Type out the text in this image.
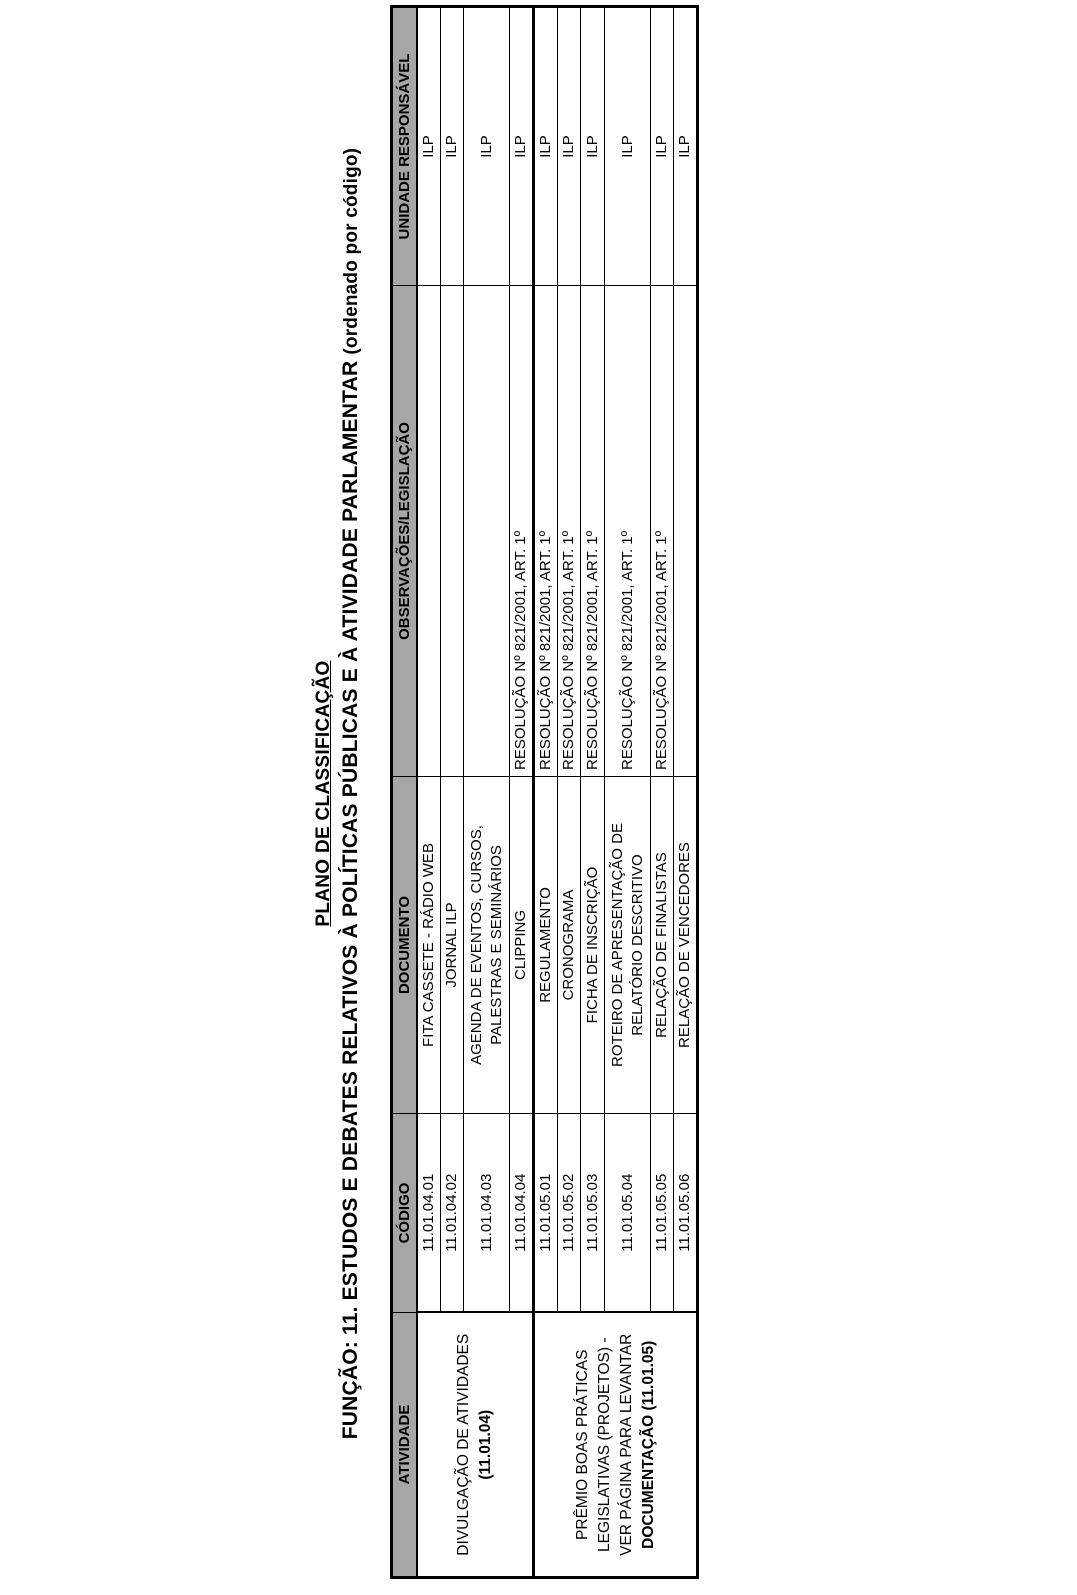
PLANO DE CLASSIFICAÇÃO FUNÇÃO: 11. ESTUDOS E DEBATES RELATIVOS À POLÍTICAS PÚBLICAS E À ATIVIDADE PARLAMENTAR (ordenado por código)
ATIVIDADE	CÓDIGO	DOCUMENTO	OBSERVAÇÕES/LEGISLAÇÃO	UNIDADE RESPONSÁVEL

DIVULGAÇÃO DE ATIVIDADES (11.01.04)	11.01.04.01	FITA CASSETE - RÁDIO WEB		ILP
	11.01.04.02	JORNAL ILP		ILP
	11.01.04.03	AGENDA DE EVENTOS, CURSOS, PALESTRAS E SEMINÁRIOS		ILP
	11.01.04.04	CLIPPING	RESOLUÇÃO Nº 821/2001, ART. 1º	ILP

PRÊMIO BOAS PRÁTICAS LEGISLATIVAS (PROJETOS) - VER PÁGINA PARA LEVANTAR DOCUMENTAÇÃO (11.01.05)	11.01.05.01	REGULAMENTO	RESOLUÇÃO Nº 821/2001, ART. 1º	ILP
	11.01.05.02	CRONOGRAMA	RESOLUÇÃO Nº 821/2001, ART. 1º	ILP
	11.01.05.03	FICHA DE INSCRIÇÃO	RESOLUÇÃO Nº 821/2001, ART. 1º	ILP
	11.01.05.04	ROTEIRO DE APRESENTAÇÃO DE RELATÓRIO DESCRITIVO	RESOLUÇÃO Nº 821/2001, ART. 1º	ILP
	11.01.05.05	RELAÇÃO DE FINALISTAS	RESOLUÇÃO Nº 821/2001, ART. 1º	ILP
	11.01.05.06	RELAÇÃO DE VENCEDORES		ILP
